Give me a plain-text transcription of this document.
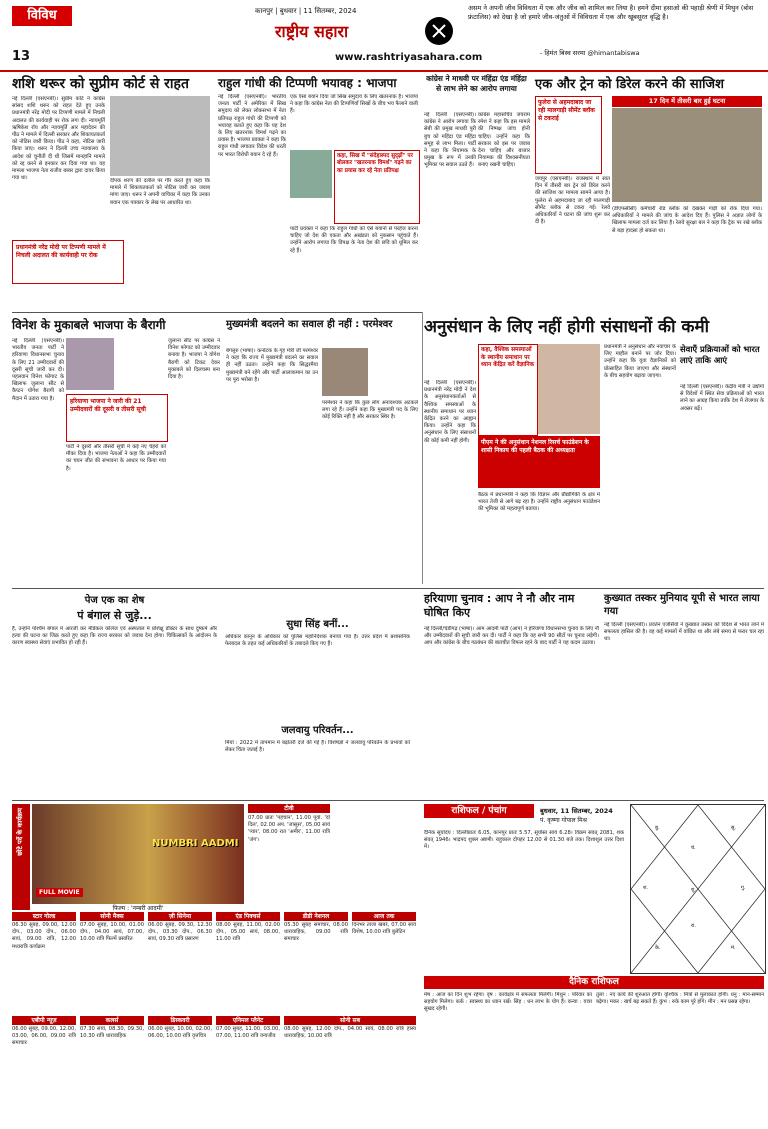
विविध
13
कानपुर | बुधवार | 11 सितम्बर, 2024
राष्ट्रीय सहारा
www.rashtriyasahara.com
असम ने अपनी जीव विविधता में एक और जीव को शामिल कर लिया है। हमने दीमा हसाओ की पहाड़ी श्रेणी में मिथुन (बोस फ्रंटालिस) को देखा है जो हमारे जीव-जंतुओं में विविधता में एक और खूबसूरत वृद्धि है।
- हिमंत बिस्व सरमा @himantabiswa
शशि थरूर को सुप्रीम कोर्ट से राहत
नई दिल्ली (एसएनबी)। सुप्रीम कोर्ट ने कांग्रेस सांसद शशि थरूर को राहत देते हुए उनके प्रधानमंत्री नरेंद्र मोदी पर टिप्पणी मामले में निचली अदालत की कार्यवाही पर रोक लगा दी। न्यायमूर्ति ऋषिकेश रॉय और न्यायमूर्ति आर महादेवन की पीठ ने मामले में दिल्ली सरकार और शिकायतकर्ता को नोटिस जारी किया। पीठ ने कहा, नोटिस जारी किया जाए। थरूर ने दिल्ली उच्च न्यायालय के आदेश को चुनौती दी थी जिसमें मानहानि मामले को रद्द करने से इनकार कर दिया गया था। यह मामला भाजपा नेता राजीव बब्बर द्वारा दायर किया गया था।	दीपक शरण की दलील पर गौर करते हुए कहा कि मामले में शिकायतकर्ता को नोटिस जारी कर जवाब मांगा जाए। थरूर ने अपनी याचिका में कहा कि उनका बयान एक पत्रकार के लेख पर आधारित था।
प्रधानमंत्री नरेंद्र मोदी पर टिप्पणी मामले में निचली अदालत की कार्यवाही पर रोक
राहुल गांधी की टिप्पणी भयावह : भाजपा
नई दिल्ली (एसएनबी)। भारतीय जनता पार्टी ने अमेरिका में सिख समुदाय को लेकर लोकसभा में नेता प्रतिपक्ष राहुल गांधी की टिप्पणी को भयावह बताते हुए कहा कि यह देश के लिए खतरनाक विमर्श गढ़ने का प्रयास है। भाजपा प्रवक्ता ने कहा कि राहुल गांधी लगातार विदेश की धरती पर भारत विरोधी बयान दे रहे हैं।	कहा, सिख में "संदेहास्पद सुदृढ़ों" पर बोलकर "खतरनाक विमर्श" गढ़ने का का प्रयास कर रहे नेता प्रतिपक्ष
एक ऐसा बयान दिया जो सिख समुदाय के लिए खतरनाक है। भाजपा ने कहा कि कांग्रेस नेता की टिप्पणियाँ सिखों के बीच भय फैलाने वाली हैं।
पार्टी प्रवक्ता ने कहा कि राहुल गांधी को ऐसे बयानों से परहेज करना चाहिए जो देश की एकता और अखंडता को नुकसान पहुंचाते हैं। उन्होंने आरोप लगाया कि विपक्ष के नेता देश की छवि को धूमिल कर रहे हैं।
कांग्रेस ने माधवी पर मंहिंद्रा एंड मंहिंद्रा से लाभ लेने का आरोप लगाया
नई दिल्ली (एसएनबी)। कांग्रेस ने आरोप लगाया कि सेबी की प्रमुख माधवी पुरी बुच को महिंद्रा एंड महिंद्रा समूह से लाभ मिला। पार्टी ने कहा कि नियामक के प्रमुख के रूप में उनकी भूमिका पर सवाल उठते हैं।
कांग्रेस महासचिव जयराम रमेश ने कहा कि इस मामले की निष्पक्ष जांच होनी चाहिए। उन्होंने कहा कि सरकार को इस पर जवाब देना चाहिए और बाजार नियामक की विश्वसनीयता बनाए रखनी चाहिए।
एक और ट्रेन को डिरेल करने की साजिश
फुलेरा से अहमदाबाद जा रही मालगाड़ी सीमेंट ब्लॉक से टकराई
जयपुर (एसएनबी)। राजस्थान में सात दिन में तीसरी बार ट्रेन को डिरेल करने की साजिश का मामला सामने आया है। फुलेरा से अहमदाबाद जा रही मालगाड़ी सीमेंट ब्लॉक से टकरा गई। रेलवे अधिकारियों ने घटना की जांच शुरू कर दी है।
17 दिन में तीसरी बार हुई घटना
(डीएफसीसी) कर्मचारी रोड ब्लॉक को देखकर गाड़ी को रोक दिया गया। अधिकारियों ने मामले की जांच के आदेश दिए हैं। पुलिस ने अज्ञात लोगों के खिलाफ मामला दर्ज कर लिया है। रेलवे सुरक्षा बल ने कहा कि ट्रैक पर रखे ब्लॉक से बड़ा हादसा हो सकता था।
विनेश के मुकाबले भाजपा के बैरागी
नई दिल्ली (एसएनबी)। भारतीय जनता पार्टी ने हरियाणा विधानसभा चुनाव के लिए 21 उम्मीदवारों की दूसरी सूची जारी कर दी। पहलवान विनेश फोगाट के खिलाफ जुलाना सीट से कैप्टन योगेश बैरागी को मैदान में उतारा गया है।	हरियाणा भाजपा ने जारी की 21 उम्मीदवारों की दूसरी व तीसरी सूची
पार्टी ने दूसरी और तीसरी सूची में कई नए चेहरों को मौका दिया है। भाजपा नेताओं ने कहा कि उम्मीदवारों का चयन जीत की संभावना के आधार पर किया गया है।
जुलाना सीट पर कांग्रेस ने विनेश फोगाट को उम्मीदवार बनाया है। भाजपा ने योगेश बैरागी को टिकट देकर मुकाबले को दिलचस्प बना दिया है।
मुख्यमंत्री बदलने का सवाल ही नहीं : परमेश्वर
बेंगलुरु (भाषा)। कर्नाटक के गृह मंत्री जी परमेश्वर ने कहा कि राज्य में मुख्यमंत्री बदलने का सवाल ही नहीं उठता। उन्होंने कहा कि सिद्धरमैया मुख्यमंत्री बने रहेंगे और पार्टी आलाकमान का उन पर पूरा भरोसा है।
परमेश्वर ने कहा कि कुछ लोग अनावश्यक अटकलें लगा रहे हैं। उन्होंने कहा कि मुख्यमंत्री पद के लिए कोई रिक्ति नहीं है और सरकार स्थिर है।
अनुसंधान के लिए नहीं होगी संसाधनों की कमी
नई दिल्ली (एसएनबी)। प्रधानमंत्री नरेंद्र मोदी ने देश के अनुसंधानकर्ताओं से वैश्विक समस्याओं के स्थानीय समाधान पर ध्यान केंद्रित करने का आह्वान किया। उन्होंने कहा कि अनुसंधान के लिए संसाधनों की कोई कमी नहीं होगी।
कहा, वैश्विक समस्याओं के स्थानीय समाधान पर ध्यान केंद्रित करें वैज्ञानिक
पीएम ने की अनुसंधान नेशनल रिसर्च फाउंडेशन के शासी निकाय की पहली बैठक की अध्यक्षता
बैठक में प्रधानमंत्री ने कहा कि विज्ञान और प्रौद्योगिकी के क्षेत्र में भारत तेजी से आगे बढ़ रहा है। उन्होंने राष्ट्रीय अनुसंधान फाउंडेशन की भूमिका को महत्वपूर्ण बताया।
प्रधानमंत्री ने अनुसंधान और नवाचार के लिए माहौल बनाने पर जोर दिया। उन्होंने कहा कि युवा वैज्ञानिकों को प्रोत्साहित किया जाएगा और संस्थानों के बीच सहयोग बढ़ाया जाएगा।
सेवाएँ प्रक्रियाओं को भारत लाएं ताकि आएं
नई दिल्ली (एसएनबी)। केंद्रीय मंत्री ने उद्योगों से विदेशों में स्थित सेवा प्रक्रियाओं को भारत लाने का आग्रह किया ताकि देश में रोजगार के अवसर बढ़ें।
पेज एक का शेष
पं बंगाल से जुड़े...
हैं, उन्होंने पश्चिम बंगाल में आरजी कर मेडिकल कॉलेज एवं अस्पताल में प्रशिक्षु डॉक्टर के साथ दुष्कर्म और हत्या की घटना का जिक्र करते हुए कहा कि राज्य सरकार को जवाब देना होगा। चिकित्सकों के आंदोलन के कारण स्वास्थ्य सेवाएं प्रभावित हो रही हैं।
सुधा सिंह बनीं...
अधिकार कानून के अधिकार को पुलिस महानिदेशक बनाया गया है। उत्तर प्रदेश में प्रशासनिक फेरबदल के तहत कई अधिकारियों के तबादले किए गए हैं।
जलवायु परिवर्तन...
मियां : 2022 में तापमान में बढ़ोतरी दर्ज की गई है। विशेषज्ञों ने जलवायु परिवर्तन के प्रभावों को लेकर चिंता जताई है।
हरियाणा चुनाव : आप ने नौ और नाम घोषित किए
नई दिल्ली/चंडीगढ़ (भाषा)। आम आदमी पार्टी (आप) ने हरियाणा विधानसभा चुनाव के लिए नौ और उम्मीदवारों की सूची जारी कर दी। पार्टी ने कहा कि वह सभी 90 सीटों पर चुनाव लड़ेगी। आप और कांग्रेस के बीच गठबंधन की बातचीत विफल रहने के बाद पार्टी ने यह कदम उठाया।
कुख्यात तस्कर मुनियाद यूपी से भारत लाया गया
नई दिल्ली (एसएनबी)। प्रवर्तन एजेंसियों ने कुख्यात तस्कर को विदेश से भारत लाने में सफलता हासिल की है। वह कई मामलों में वांछित था और लंबे समय से फरार चल रहा था।
छोटे पर्दे के कार्यक्रम	NUMBRI AADMI
FULL MOVIE
फिल्म : 'नम्बरी आदमी'
टीवी
07.00 प्रातः 'पहचान', 11.00 पूर्वा. 'दो दिल', 02.00 अप. 'जासूस', 05.00 सायं 'प्यार', 08.00 रात 'अमीर', 11.00 रात्रि 'जंग'।
स्टार गोल्ड
06.30 सुबह, 09.00, 12.00 दोप., 03.00 दोप., 06.00 सायं, 09.00 रात्रि, 12.00 मध्यरात्रि कार्यक्रम
सोनी मैक्स
07.00 सुबह, 10.00, 01.00 दोप., 04.00 सायं, 07.00, 10.00 रात्रि फिल्में प्रसारित
ज़ी सिनेमा
06.00 सुबह, 09.30, 12.30 दोप., 03.30 दोप., 06.30 सायं, 09.30 रात्रि प्रसारण
एंड पिक्चर्स
08.00 सुबह, 11.00, 02.00 दोप., 05.00 सायं, 08.00, 11.00 रात्रि
डीडी नेशनल
05.30 सुबह समाचार, 08.00 धारावाहिक, 09.00 रात्रि समाचार
आज तक
दिनभर ताजा खबरें, 07.00 सायं विशेष, 10.00 रात्रि बुलेटिन
एबीपी न्यूज़
06.00 सुबह, 09.00, 12.00, 03.00, 06.00, 09.00 रात्रि समाचार
कलर्स
07.30 सायं, 08.30, 09.30, 10.30 रात्रि धारावाहिक
डिस्कवरी
06.00 सुबह, 10.00, 02.00, 06.00, 10.00 रात्रि वृत्तचित्र
एनिमल प्लैनेट
07.00 सुबह, 11.00, 03.00, 07.00, 11.00 रात्रि वन्यजीव
सोनी सब
08.00 सुबह, 12.00 दोप., 04.00 सायं, 08.00 रात्रि हास्य धारावाहिक, 10.00 रात्रि
राशिफल / पंचांग	बुधवार, 11 सितम्बर, 2024
पं. कृष्णा गोपाल मिश्र
दैनिक सूर्योदय : दिल्लीप्रातः 6.05, कानपुर प्रातः 5.57, सूर्यास्त सायं 6.28। विक्रम संवत् 2081, शक संवत् 1946। भाद्रपद शुक्ल अष्टमी। राहुकाल दोपहर 12.00 से 01.30 बजे तक। दिशाशूल उत्तर दिशा में।	चं.
बु.	सू.
श.	गु.
रा.
के.	मं.
शु.
दैनिक राशिफल
मेष : आज का दिन शुभ रहेगा। वृष : कार्यक्षेत्र में सफलता मिलेगी। मिथुन : परिवार का सहयोग मिलेगा। कर्क : स्वास्थ्य का ध्यान रखें। सिंह : धन लाभ के योग हैं। कन्या : यात्रा सुखद रहेगी।
तुला : नए कार्य की शुरुआत होगी। वृश्चिक : मित्रों से मुलाकात होगी। धनु : मान-सम्मान बढ़ेगा। मकर : खर्च बढ़ सकते हैं। कुंभ : रुके काम पूरे होंगे। मीन : मन प्रसन्न रहेगा।
